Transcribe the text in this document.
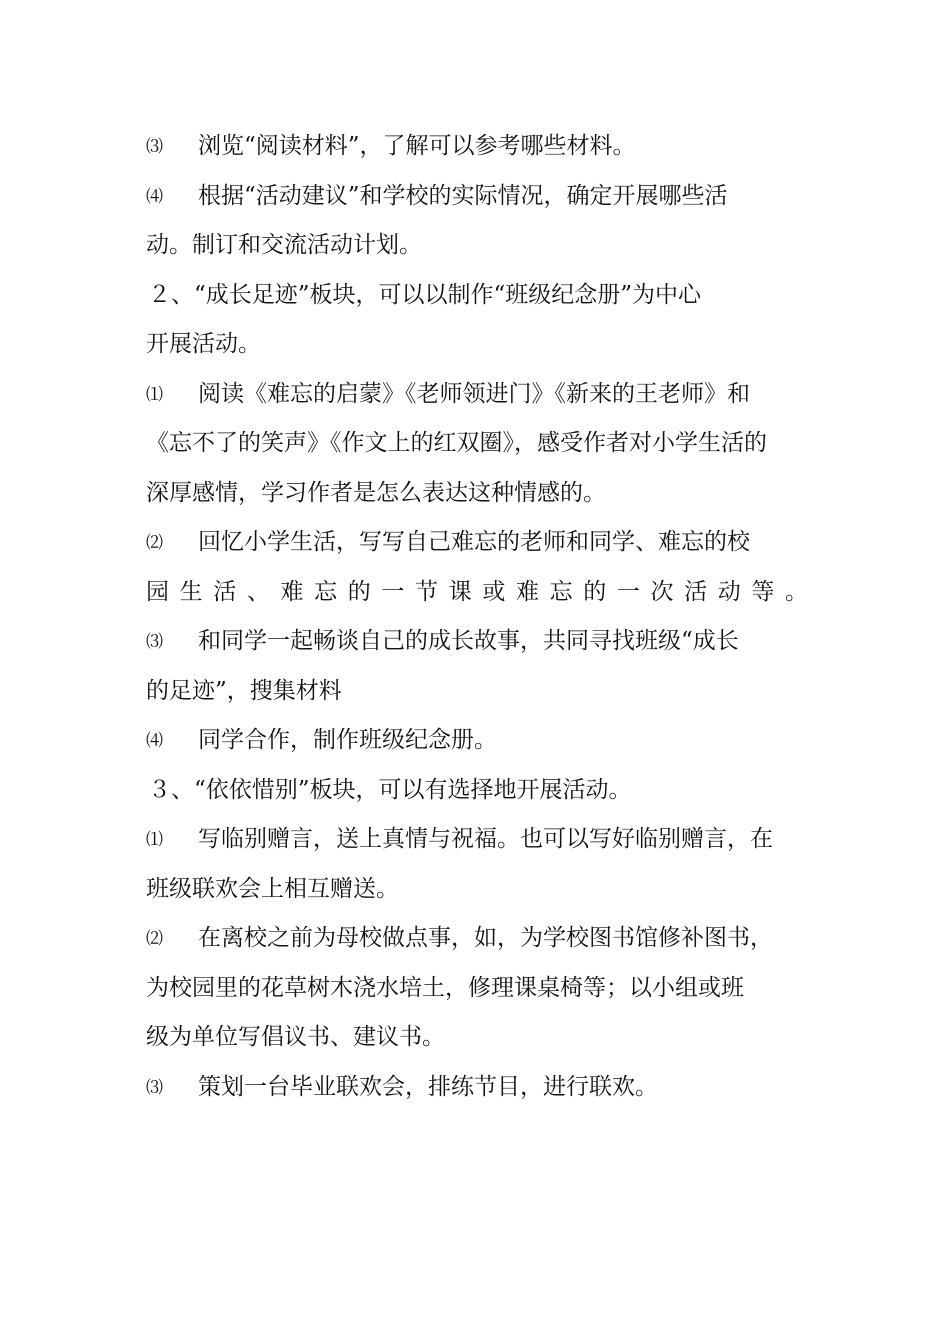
⑶ 浏览“阅读材料”，了解可以参考哪些材料。
⑷ 根据“活动建议”和学校的实际情况，确定开展哪些活
动。制订和交流活动计划。
２、“成长足迹”板块，可以以制作“班级纪念册”为中心
开展活动。
⑴ 阅读《难忘的启蒙》《老师领进门》《新来的王老师》和
《忘不了的笑声》《作文上的红双圈》，感受作者对小学生活的
深厚感情，学习作者是怎么表达这种情感的。
⑵ 回忆小学生活，写写自己难忘的老师和同学、难忘的校
园生活、难忘的一节课或难忘的一次活动等。
⑶ 和同学一起畅谈自己的成长故事，共同寻找班级“成长
的足迹”，搜集材料
⑷ 同学合作，制作班级纪念册。
３、“依依惜别”板块，可以有选择地开展活动。
⑴ 写临别赠言，送上真情与祝福。也可以写好临别赠言，在
班级联欢会上相互赠送。
⑵ 在离校之前为母校做点事，如，为学校图书馆修补图书，
为校园里的花草树木浇水培土，修理课桌椅等；以小组或班
级为单位写倡议书、建议书。
⑶ 策划一台毕业联欢会，排练节目，进行联欢。
